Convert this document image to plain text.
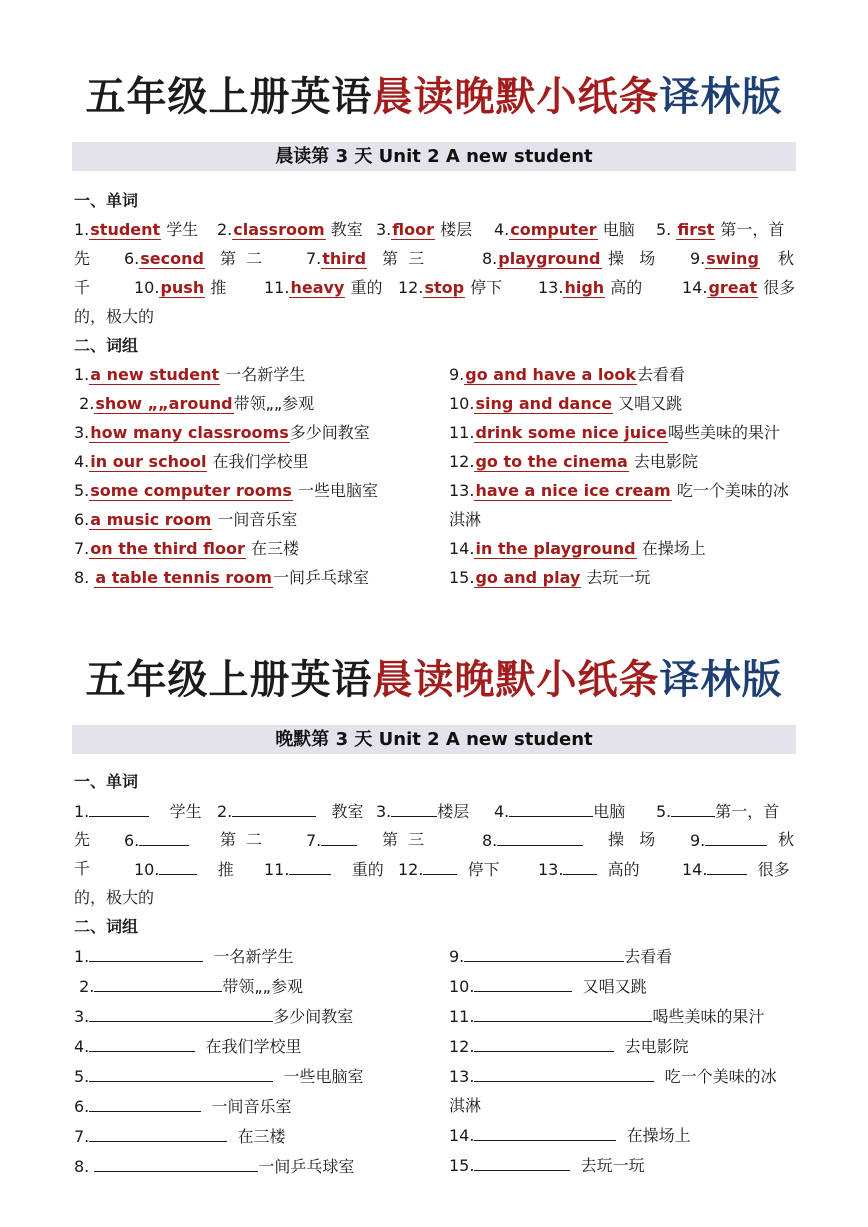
五年级上册英语晨读晚默小纸条译林版
晨读第 3 天 Unit 2 A new student
一、单词
1.student 学生 2.classroom 教室 3.floor 楼层 4.computer 电脑 5. first 第一，首
先 6.second 第  二	7.third 第  三	8.playground 操   场 9.swing 秋
千	10.push 推 11.heavy 重的 12.stop 停下 13.high 高的 14.great 很多
的，极大的
二、词组
1.a new student 一名新学生
2.show „„around带领„„参观
3.how many classrooms多少间教室
4.in our school 在我们学校里
5.some computer rooms 一些电脑室
6.a music room 一间音乐室
7.on the third floor 在三楼
8. a table tennis room一间乒乓球室
9.go and have a look去看看
10.sing and dance 又唱又跳
11.drink some nice juice喝些美味的果汁
12.go to the cinema 去电影院
13.have a nice ice cream 吃一个美味的冰
淇淋
14.in the playground 在操场上
15.go and play 去玩一玩
五年级上册英语晨读晚默小纸条译林版
晚默第 3 天 Unit 2 A new student
一、单词
1.	学生 2.	教室 3.	楼层 4.	电脑 5.	第一，首
先 6.	第  二	7.	第  三	8.	操   场 9.	秋
千	10.	推 11.	重的 12.	停下 13.	高的	14.	很多
的，极大的
二、词组
1.	一名新学生
2.	带领„„参观
3.	多少间教室
4.	在我们学校里
5.	一些电脑室
6.	一间音乐室
7.	在三楼
8.	一间乒乓球室
9.	去看看
10.	又唱又跳
11.	喝些美味的果汁
12.	去电影院
13.	吃一个美味的冰
淇淋
14.	在操场上
15.	去玩一玩
